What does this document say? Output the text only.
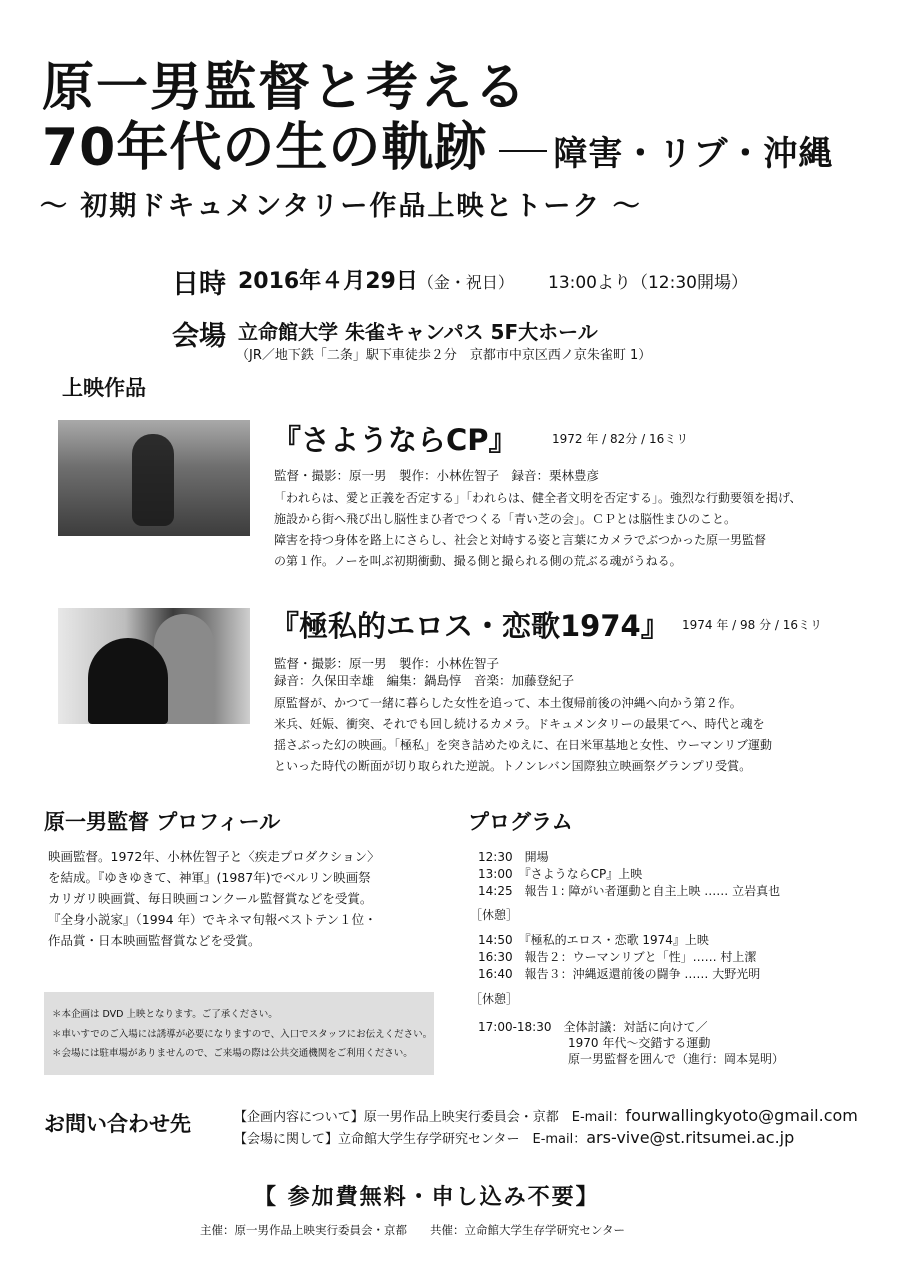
原一男監督と考える
70年代の生の軌跡 障害・リブ・沖縄
〜 初期ドキュメンタリー作品上映とトーク 〜
日時 2016年４月29日（金・祝日） 13:00より（12:30開場）
会場 立命館大学 朱雀キャンパス 5F大ホール
（JR／地下鉄「二条」駅下車徒歩２分　京都市中京区西ノ京朱雀町 1）
上映作品
『さようならCP』	1972 年 / 82分 / 16ミリ
監督・撮影：原一男　製作：小林佐智子　録音：栗林豊彦
「われらは、愛と正義を否定する」「われらは、健全者文明を否定する」。強烈な行動要領を掲げ、
施設から街へ飛び出し脳性まひ者でつくる「青い芝の会」。ＣＰとは脳性まひのこと。
障害を持つ身体を路上にさらし、社会と対峙する姿と言葉にカメラでぶつかった原一男監督
の第１作。ノーを叫ぶ初期衝動、撮る側と撮られる側の荒ぶる魂がうねる。
『極私的エロス・恋歌1974』 1974 年 / 98 分 / 16ミリ
監督・撮影：原一男　製作：小林佐智子
録音：久保田幸雄　編集：鍋島惇　音楽：加藤登紀子
原監督が、かつて一緒に暮らした女性を追って、本土復帰前後の沖縄へ向かう第２作。
米兵、妊娠、衝突、それでも回し続けるカメラ。ドキュメンタリーの最果てへ、時代と魂を
揺さぶった幻の映画。「極私」を突き詰めたゆえに、在日米軍基地と女性、ウーマンリブ運動
といった時代の断面が切り取られた逆説。トノンレバン国際独立映画祭グランプリ受賞。
原一男監督 プロフィール
映画監督。1972年、小林佐智子と〈疾走プロダクション〉
を結成。『ゆきゆきて、神軍』(1987年)でベルリン映画祭
カリガリ映画賞、毎日映画コンクール監督賞などを受賞。
『全身小説家』（1994 年）でキネマ旬報ベストテン１位・
作品賞・日本映画監督賞などを受賞。
プログラム
12:30　開場
13:00　『さようならCP』上映
14:25　報告１: 障がい者運動と自主上映 …… 立岩真也
［休憩］
14:50　『極私的エロス・恋歌 1974』上映
16:30　報告２：ウーマンリブと「性」…… 村上潔
16:40　報告３：沖縄返還前後の闘争 …… 大野光明
［休憩］
17:00-18:30　全体討議：対話に向けて／
1970 年代〜交錯する運動
原一男監督を囲んで（進行：岡本晃明）
＊本企画は DVD 上映となります。ご了承ください。
＊車いすでのご入場には誘導が必要になりますので、入口でスタッフにお伝えください。
＊会場には駐車場がありませんので、ご来場の際は公共交通機関をご利用ください。
お問い合わせ先	【企画内容について】原一男作品上映実行委員会・京都　E-mail：fourwallingkyoto@gmail.com
【会場に関して】立命館大学生存学研究センター　E-mail：ars-vive@st.ritsumei.ac.jp
【 参加費無料・申し込み不要】
主催：原一男作品上映実行委員会・京都　　共催：立命館大学生存学研究センター
